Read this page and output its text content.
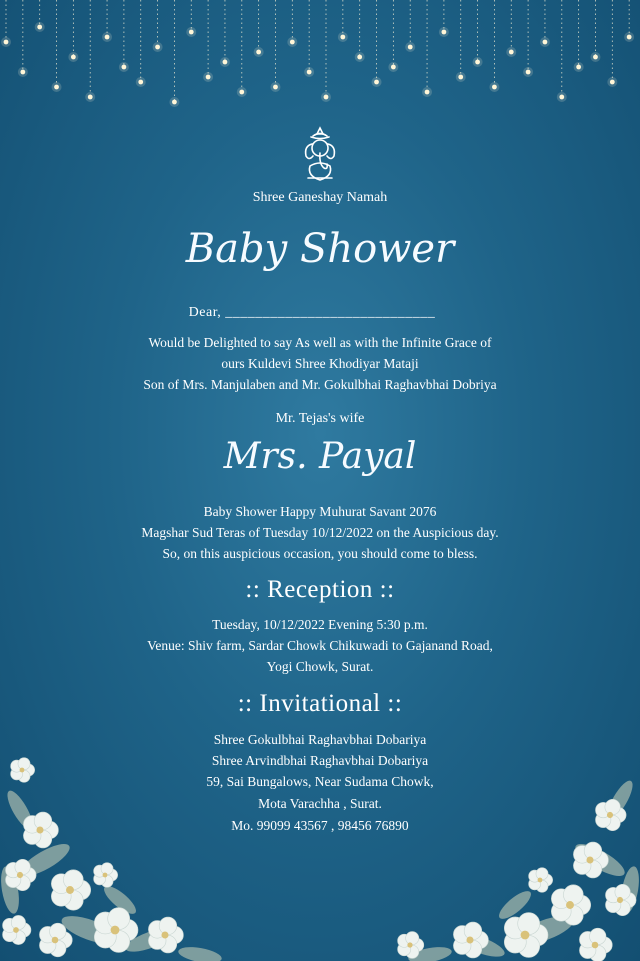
Shree Ganeshay Namah
Baby Shower
Dear, ____________________________
Would be Delighted to say As well as with the Infinite Grace of
ours Kuldevi Shree Khodiyar Mataji
Son of Mrs. Manjulaben and Mr. Gokulbhai Raghavbhai Dobriya
Mr. Tejas's wife
Mrs. Payal
Baby Shower Happy Muhurat Savant 2076
Magshar Sud Teras of Tuesday 10/12/2022 on the Auspicious day.
So, on this auspicious occasion, you should come to bless.
:: Reception ::
Tuesday, 10/12/2022 Evening 5:30 p.m.
Venue: Shiv farm, Sardar Chowk Chikuwadi to Gajanand Road,
Yogi Chowk, Surat.
:: Invitational ::
Shree Gokulbhai Raghavbhai Dobariya
Shree Arvindbhai Raghavbhai Dobariya
59, Sai Bungalows, Near Sudama Chowk,
Mota Varachha , Surat.
Mo. 99099 43567 , 98456 76890
